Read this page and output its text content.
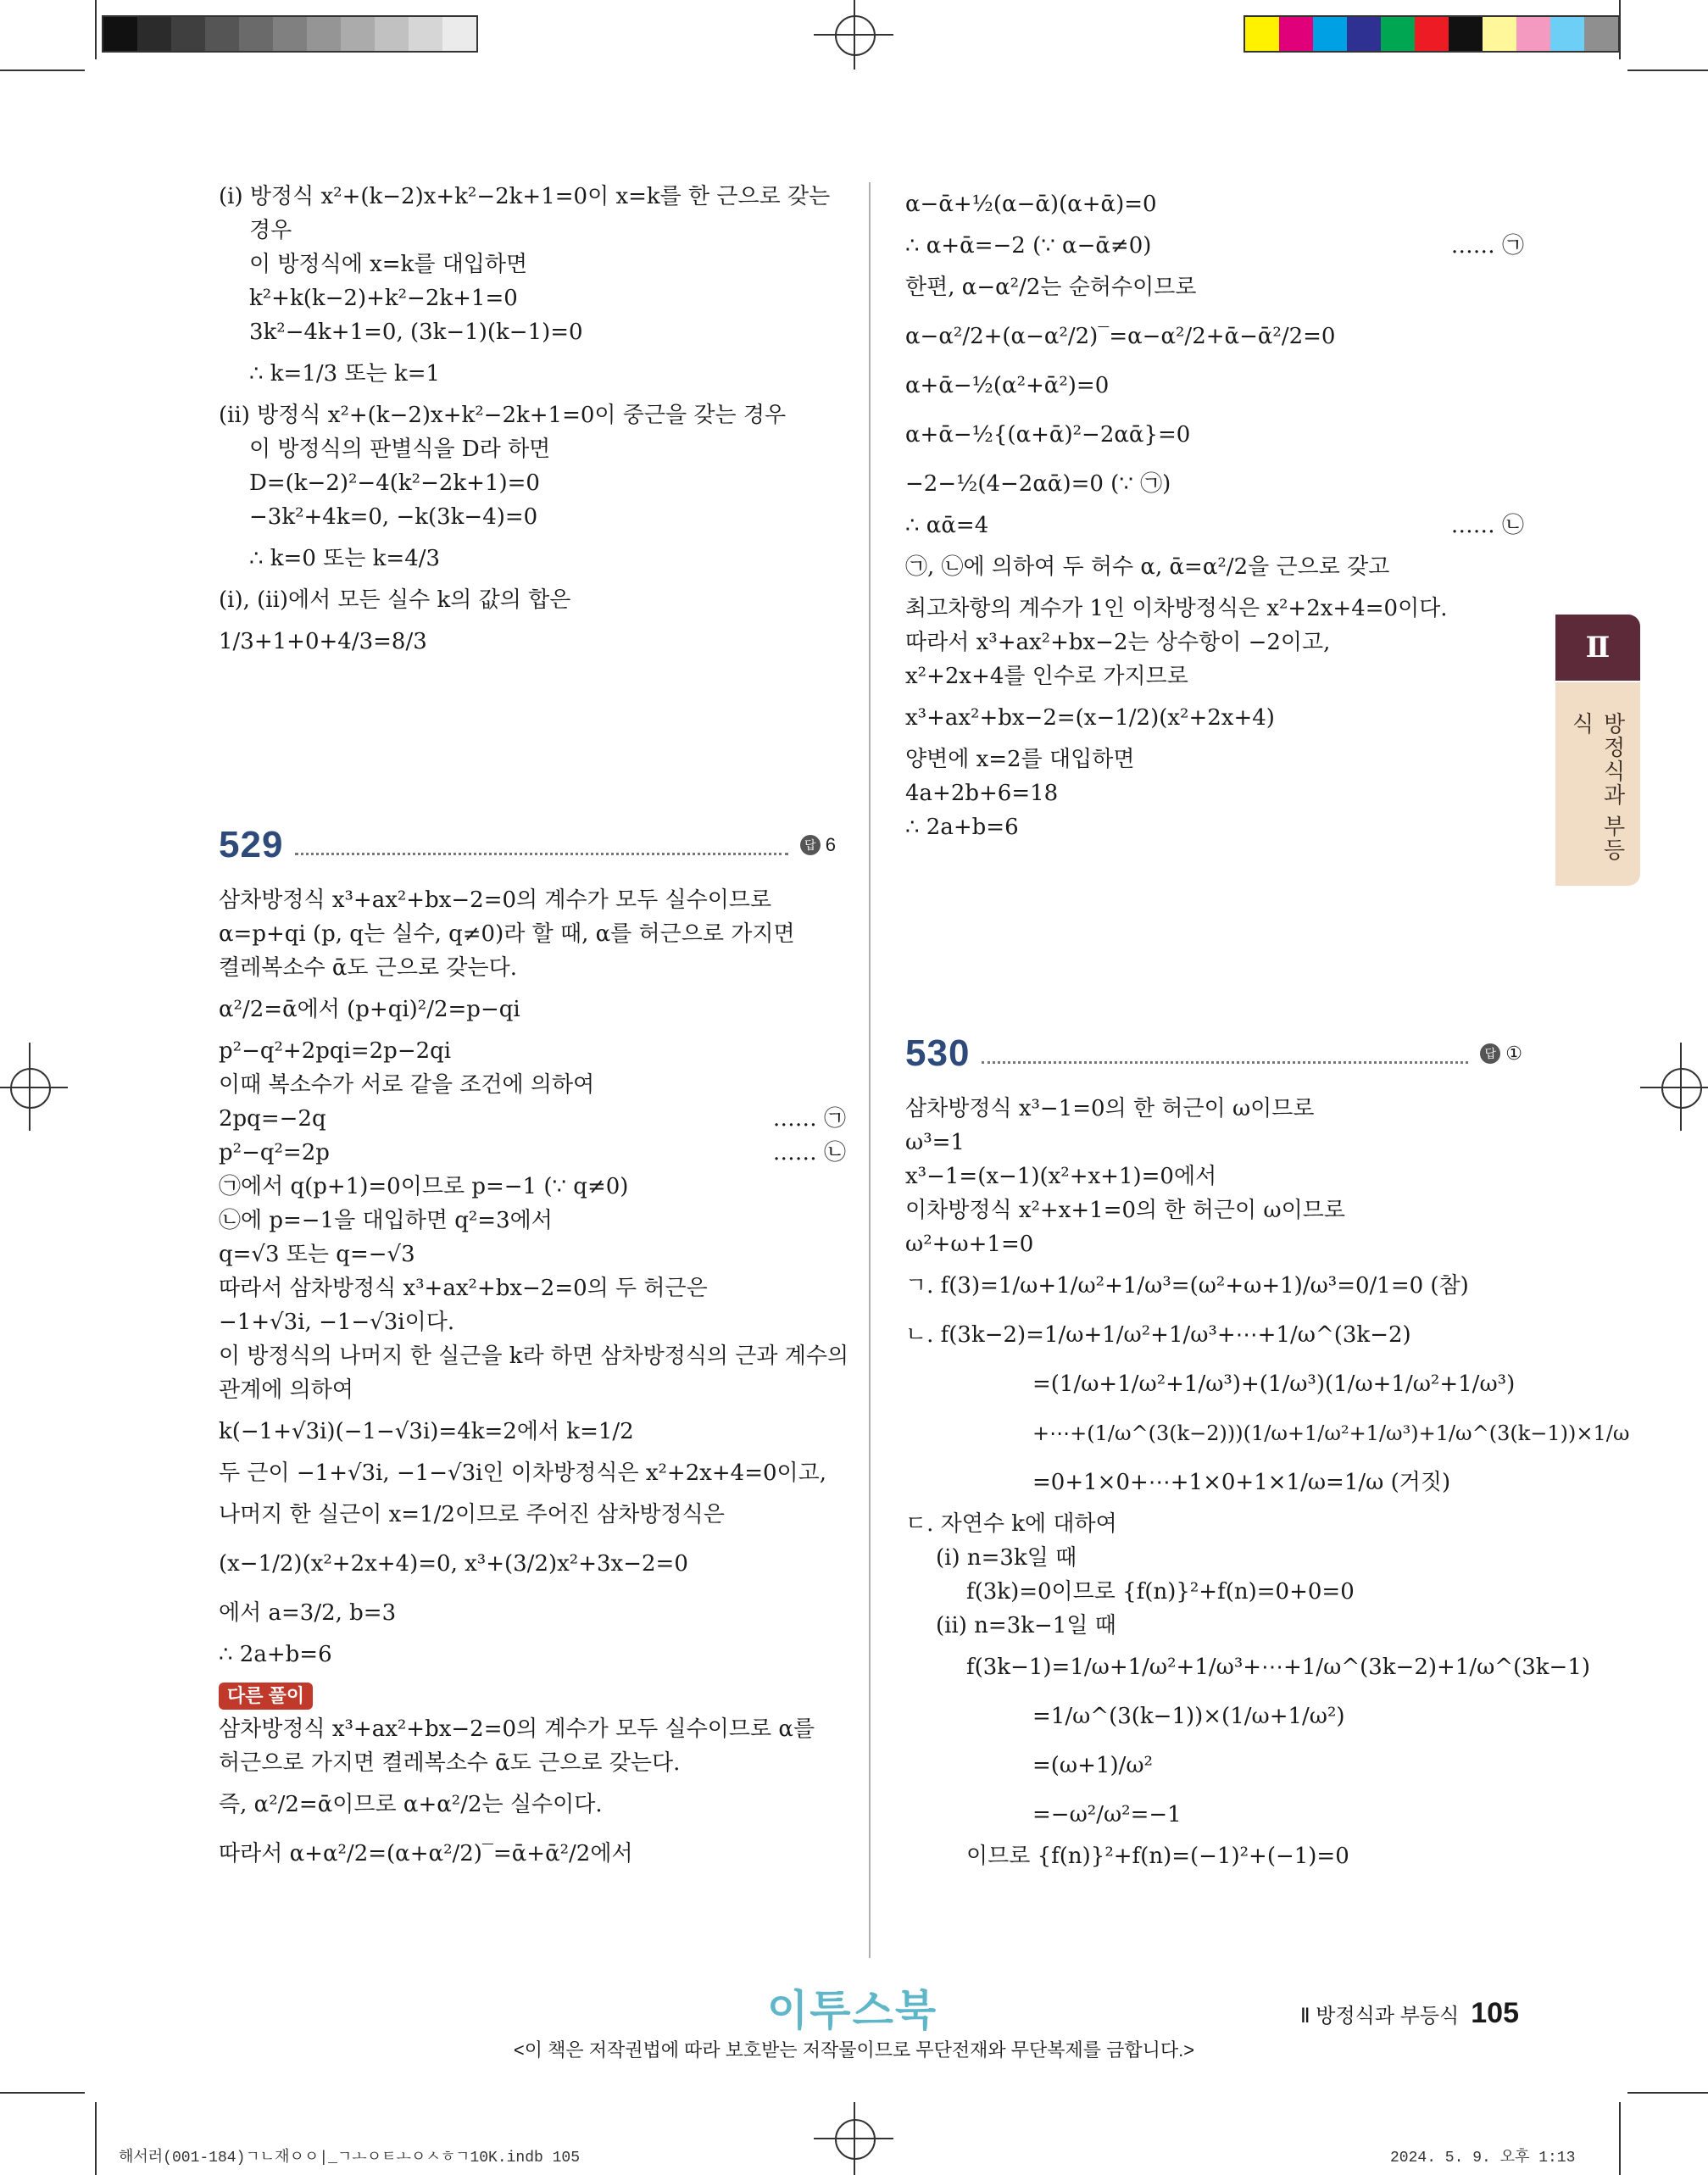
(ⅰ) 방정식 x²+(k−2)x+k²−2k+1=0이 x=k를 한 근으로 갖는
경우
이 방정식에 x=k를 대입하면
k²+k(k−2)+k²−2k+1=0
3k²−4k+1=0, (3k−1)(k−1)=0
∴ k=1/3 또는 k=1
(ⅱ) 방정식 x²+(k−2)x+k²−2k+1=0이 중근을 갖는 경우
이 방정식의 판별식을 D라 하면
D=(k−2)²−4(k²−2k+1)=0
−3k²+4k=0, −k(3k−4)=0
∴ k=0 또는 k=4/3
(ⅰ), (ⅱ)에서 모든 실수 k의 값의 합은
1/3+1+0+4/3=8/3
529	답 6
삼차방정식 x³+ax²+bx−2=0의 계수가 모두 실수이므로
α=p+qi (p, q는 실수, q≠0)라 할 때, α를 허근으로 가지면
켤레복소수 ᾱ도 근으로 갖는다.
α²/2=ᾱ에서 (p+qi)²/2=p−qi
p²−q²+2pqi=2p−2qi
이때 복소수가 서로 같을 조건에 의하여
2pq=−2q	…… ㉠
p²−q²=2p	…… ㉡
㉠에서 q(p+1)=0이므로 p=−1 (∵ q≠0)
㉡에 p=−1을 대입하면 q²=3에서
q=√3 또는 q=−√3
따라서 삼차방정식 x³+ax²+bx−2=0의 두 허근은
−1+√3i, −1−√3i이다.
이 방정식의 나머지 한 실근을 k라 하면 삼차방정식의 근과 계수의
관계에 의하여
k(−1+√3i)(−1−√3i)=4k=2에서 k=1/2
두 근이 −1+√3i, −1−√3i인 이차방정식은 x²+2x+4=0이고,
나머지 한 실근이 x=1/2이므로 주어진 삼차방정식은
(x−1/2)(x²+2x+4)=0, x³+(3/2)x²+3x−2=0
에서 a=3/2, b=3
∴ 2a+b=6
다른 풀이
삼차방정식 x³+ax²+bx−2=0의 계수가 모두 실수이므로 α를
허근으로 가지면 켤레복소수 ᾱ도 근으로 갖는다.
즉, α²/2=ᾱ이므로 α+α²/2는 실수이다.
따라서 α+α²/2=(α+α²/2)‾=ᾱ+ᾱ²/2에서
α−ᾱ+½(α−ᾱ)(α+ᾱ)=0
∴ α+ᾱ=−2 (∵ α−ᾱ≠0)	…… ㉠
한편, α−α²/2는 순허수이므로
α−α²/2+(α−α²/2)‾=α−α²/2+ᾱ−ᾱ²/2=0
α+ᾱ−½(α²+ᾱ²)=0
α+ᾱ−½{(α+ᾱ)²−2αᾱ}=0
−2−½(4−2αᾱ)=0 (∵ ㉠)
∴ αᾱ=4	…… ㉡
㉠, ㉡에 의하여 두 허수 α, ᾱ=α²/2을 근으로 갖고
최고차항의 계수가 1인 이차방정식은 x²+2x+4=0이다.
따라서 x³+ax²+bx−2는 상수항이 −2이고,
x²+2x+4를 인수로 가지므로
x³+ax²+bx−2=(x−1/2)(x²+2x+4)
양변에 x=2를 대입하면
4a+2b+6=18
∴ 2a+b=6
530	답 ①
삼차방정식 x³−1=0의 한 허근이 ω이므로
ω³=1
x³−1=(x−1)(x²+x+1)=0에서
이차방정식 x²+x+1=0의 한 허근이 ω이므로
ω²+ω+1=0
ㄱ. f(3)=1/ω+1/ω²+1/ω³=(ω²+ω+1)/ω³=0/1=0 (참)
ㄴ. f(3k−2)=1/ω+1/ω²+1/ω³+⋯+1/ω^(3k−2)
=(1/ω+1/ω²+1/ω³)+(1/ω³)(1/ω+1/ω²+1/ω³)
+⋯+(1/ω^(3(k−2)))(1/ω+1/ω²+1/ω³)+1/ω^(3(k−1))×1/ω
=0+1×0+⋯+1×0+1×1/ω=1/ω (거짓)
ㄷ. 자연수 k에 대하여
(ⅰ) n=3k일 때
f(3k)=0이므로 {f(n)}²+f(n)=0+0=0
(ⅱ) n=3k−1일 때
f(3k−1)=1/ω+1/ω²+1/ω³+⋯+1/ω^(3k−2)+1/ω^(3k−1)
=1/ω^(3(k−1))×(1/ω+1/ω²)
=(ω+1)/ω²
=−ω²/ω²=−1
이므로 {f(n)}²+f(n)=(−1)²+(−1)=0
Ⅱ
방정식과 부등식
이투스북	Ⅱ 방정식과 부등식 105
<이 책은 저작권법에 따라 보호받는 저작물이므로 무단전재와 무단복제를 금합니다.>
해서러(001-184)ㄱㄴ재ㅇㅇ|_ㄱㅗㅇㅌㅗㅇㅅㅎㄱ10K.indb 105	2024. 5. 9. 오후 1:13
